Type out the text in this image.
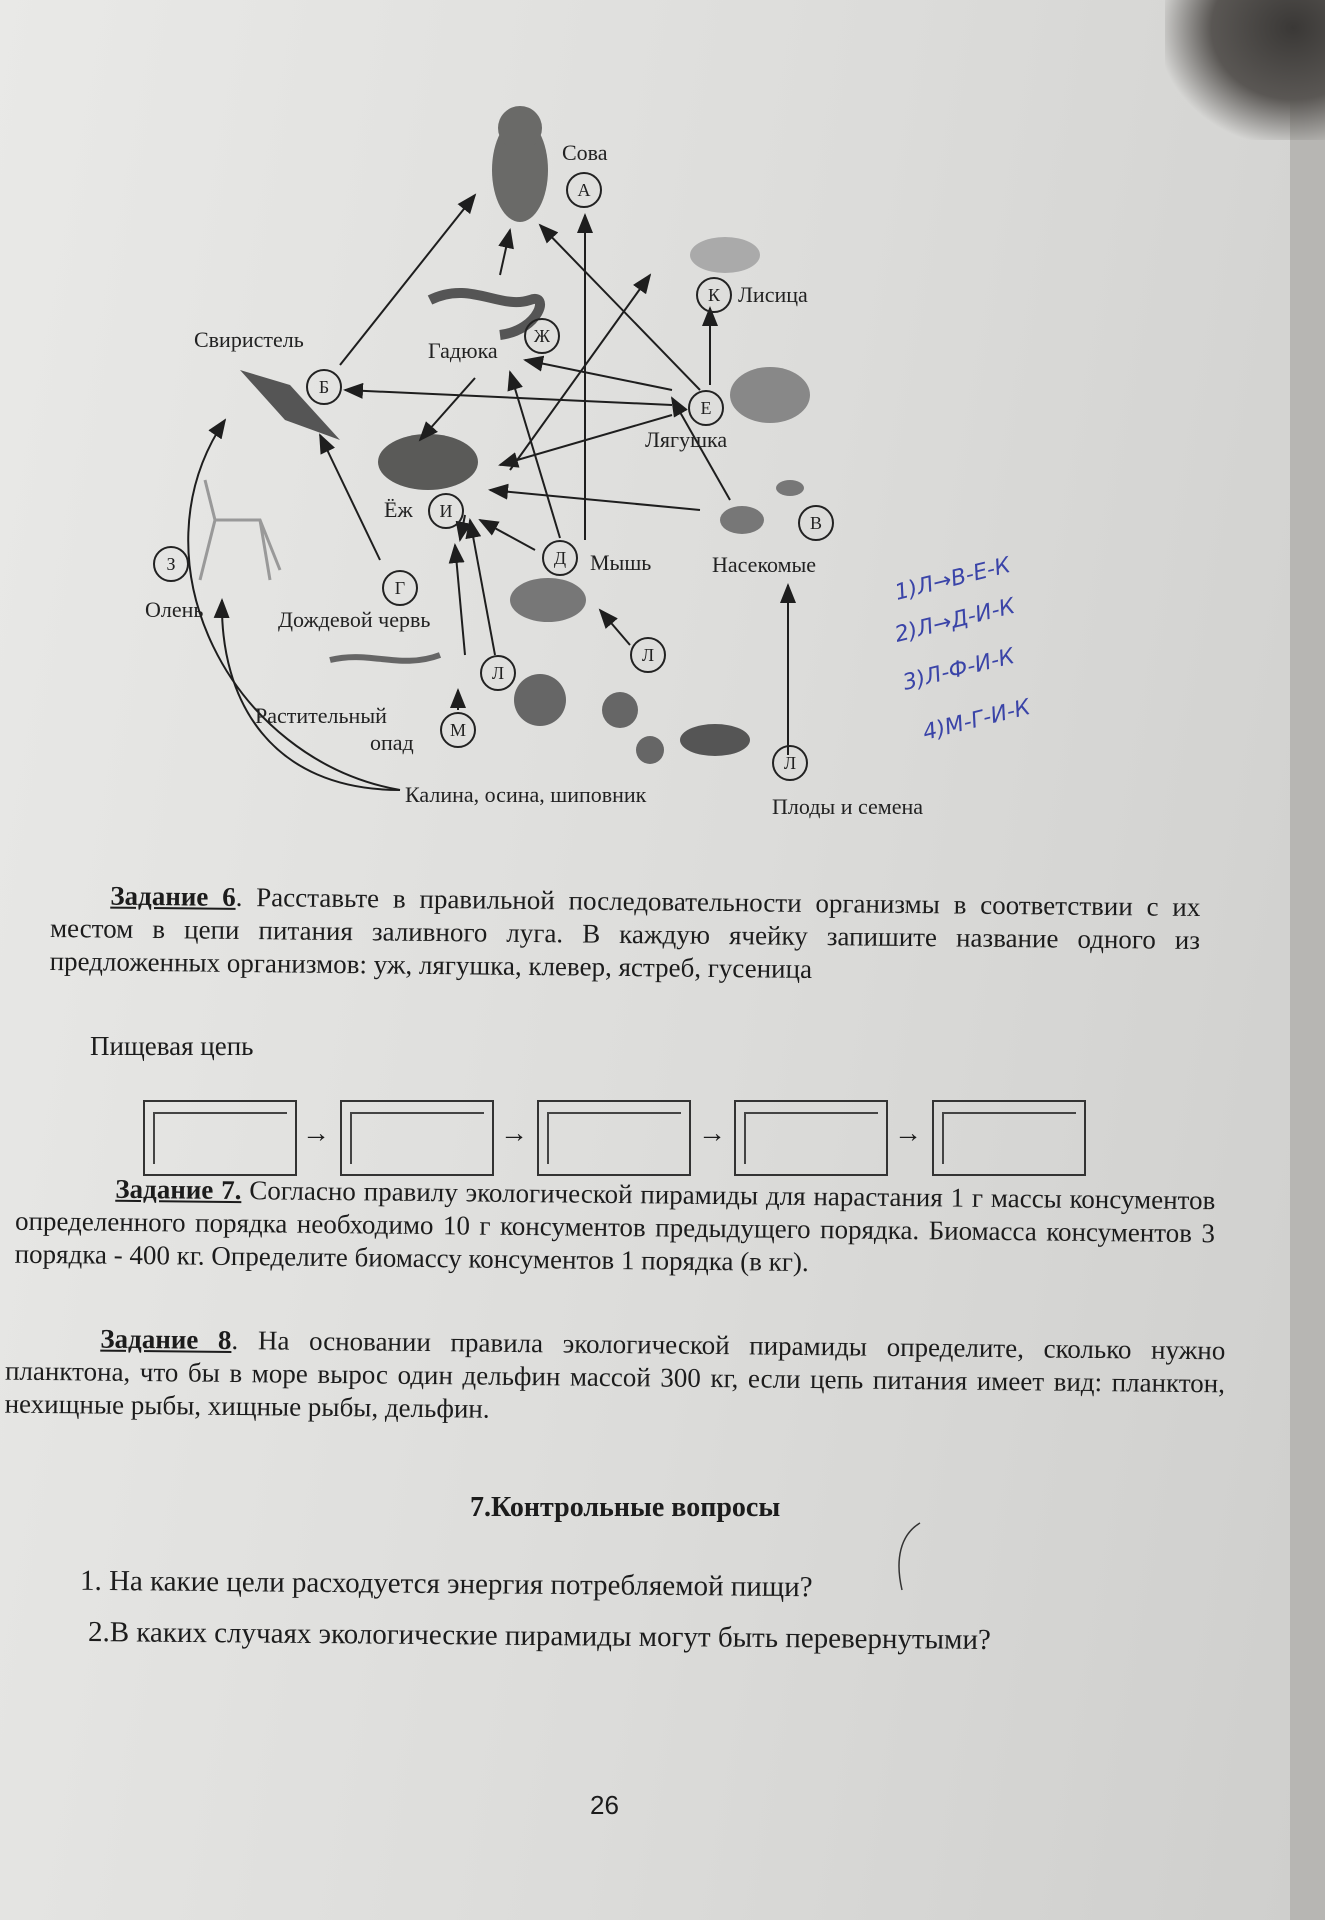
А
Б
В
Г
Д
Е
Ж
З
И
К
Л
Л
Л
М
Сова
Свиристель
Насекомые
Дождевой червь
Мышь
Лягушка
Гадюка
Олень
Ёж
Лисица
Калина, осина, шиповник	Плоды и семена
Растительный
опад
1)Л→В-Е-К
2)Л→Д-И-К
3)Л-Ф-И-К
4)М-Г-И-К
Задание 6. Расставьте в правильной последовательности организмы в соответствии с их местом в цепи питания заливного луга. В каждую ячейку запишите название одного из предложенных организмов: уж, лягушка, клевер, ястреб, гусеница
Пищевая цепь
→	→	→	→
Задание 7. Согласно правилу экологической пирамиды для нарастания 1 г массы консументов определенного порядка необходимо 10 г консументов предыдущего порядка. Биомасса консументов 3 порядка - 400 кг. Определите биомассу консументов 1 порядка (в кг).
Задание 8. На основании правила экологической пирамиды определите, сколько нужно планктона, что бы в море вырос один дельфин массой 300 кг, если цепь питания имеет вид: планктон, нехищные рыбы, хищные рыбы, дельфин.
7.Контрольные вопросы
1. На какие цели расходуется энергия потребляемой пищи?
2.В каких случаях экологические пирамиды могут быть перевернутыми?
26
